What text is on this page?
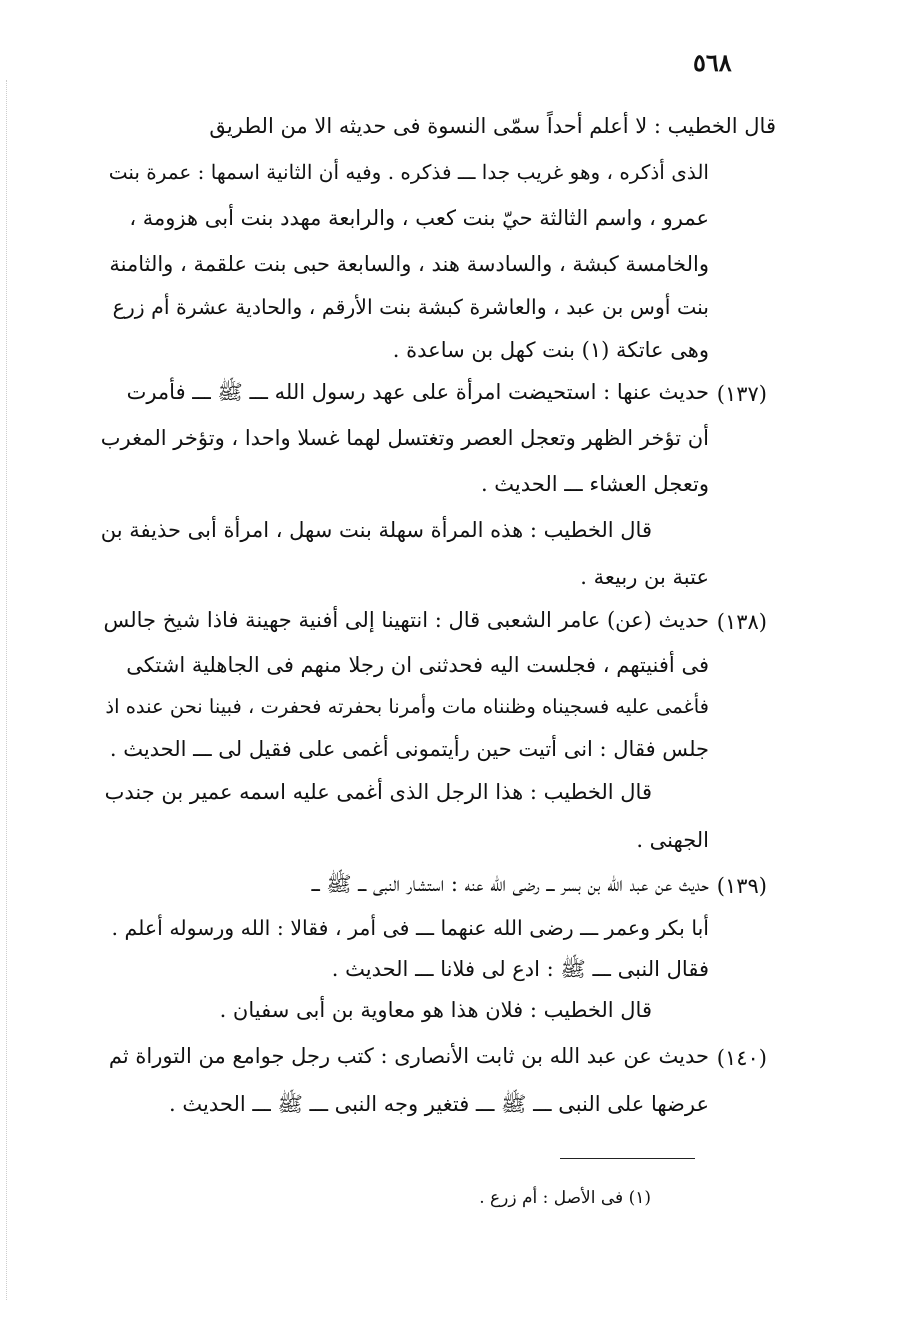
٥٦٨
قال الخطيب : لا أعلم أحداً سمّى النسوة فى حديثه الا من الطريق
الذى أذكره ، وهو غريب جدا ـــ فذكره . وفيه أن الثانية اسمها : عمرة بنت
عمرو ، واسم الثالثة حيّ بنت كعب ، والرابعة مهدد بنت أبى هزومة ،
والخامسة كبشة ، والسادسة هند ، والسابعة حبى بنت علقمة ، والثامنة
بنت أوس بن عبد ، والعاشرة كبشة بنت الأرقم ، والحادية عشرة أم زرع
وهى عاتكة (١) بنت كهل بن ساعدة .
(١٣٧)
حديث عنها : استحيضت امرأة على عهد رسول الله ـــ ﷺ ـــ فأمرت
أن تؤخر الظهر وتعجل العصر وتغتسل لهما غسلا واحدا ، وتؤخر المغرب
وتعجل العشاء ـــ الحديث .
قال الخطيب : هذه المرأة سهلة بنت سهل ، امرأة أبى حذيفة بن
عتبة بن ربيعة .
(١٣٨)
حديث (عن) عامر الشعبى قال : انتهينا إلى أفنية جهينة فاذا شيخ جالس
فى أفنيتهم ، فجلست اليه فحدثنى ان رجلا منهم فى الجاهلية اشتكى
فأغمى عليه فسجيناه وظنناه مات وأمرنا بحفرته فحفرت ، فبينا نحن عنده اذ
جلس فقال : انى أتيت حين رأيتمونى أغمى على فقيل لى ـــ الحديث .
قال الخطيب : هذا الرجل الذى أغمى عليه اسمه عمير بن جندب
الجهنى .
(١٣٩)
حديث عن عبد الله بن بسر ـــ رضى الله عنه : استشار النبى ـــ ﷺ ـــ
أبا بكر وعمر ـــ رضى الله عنهما ـــ فى أمر ، فقالا : الله ورسوله أعلم .
فقال النبى ـــ ﷺ : ادع لى فلانا ـــ الحديث .
قال الخطيب : فلان هذا هو معاوية بن أبى سفيان .
(١٤٠)
حديث عن عبد الله بن ثابت الأنصارى : كتب رجل جوامع من التوراة ثم
عرضها على النبى ـــ ﷺ ـــ فتغير وجه النبى ـــ ﷺ ـــ الحديث .
(١) فى الأصل : أم زرع .
